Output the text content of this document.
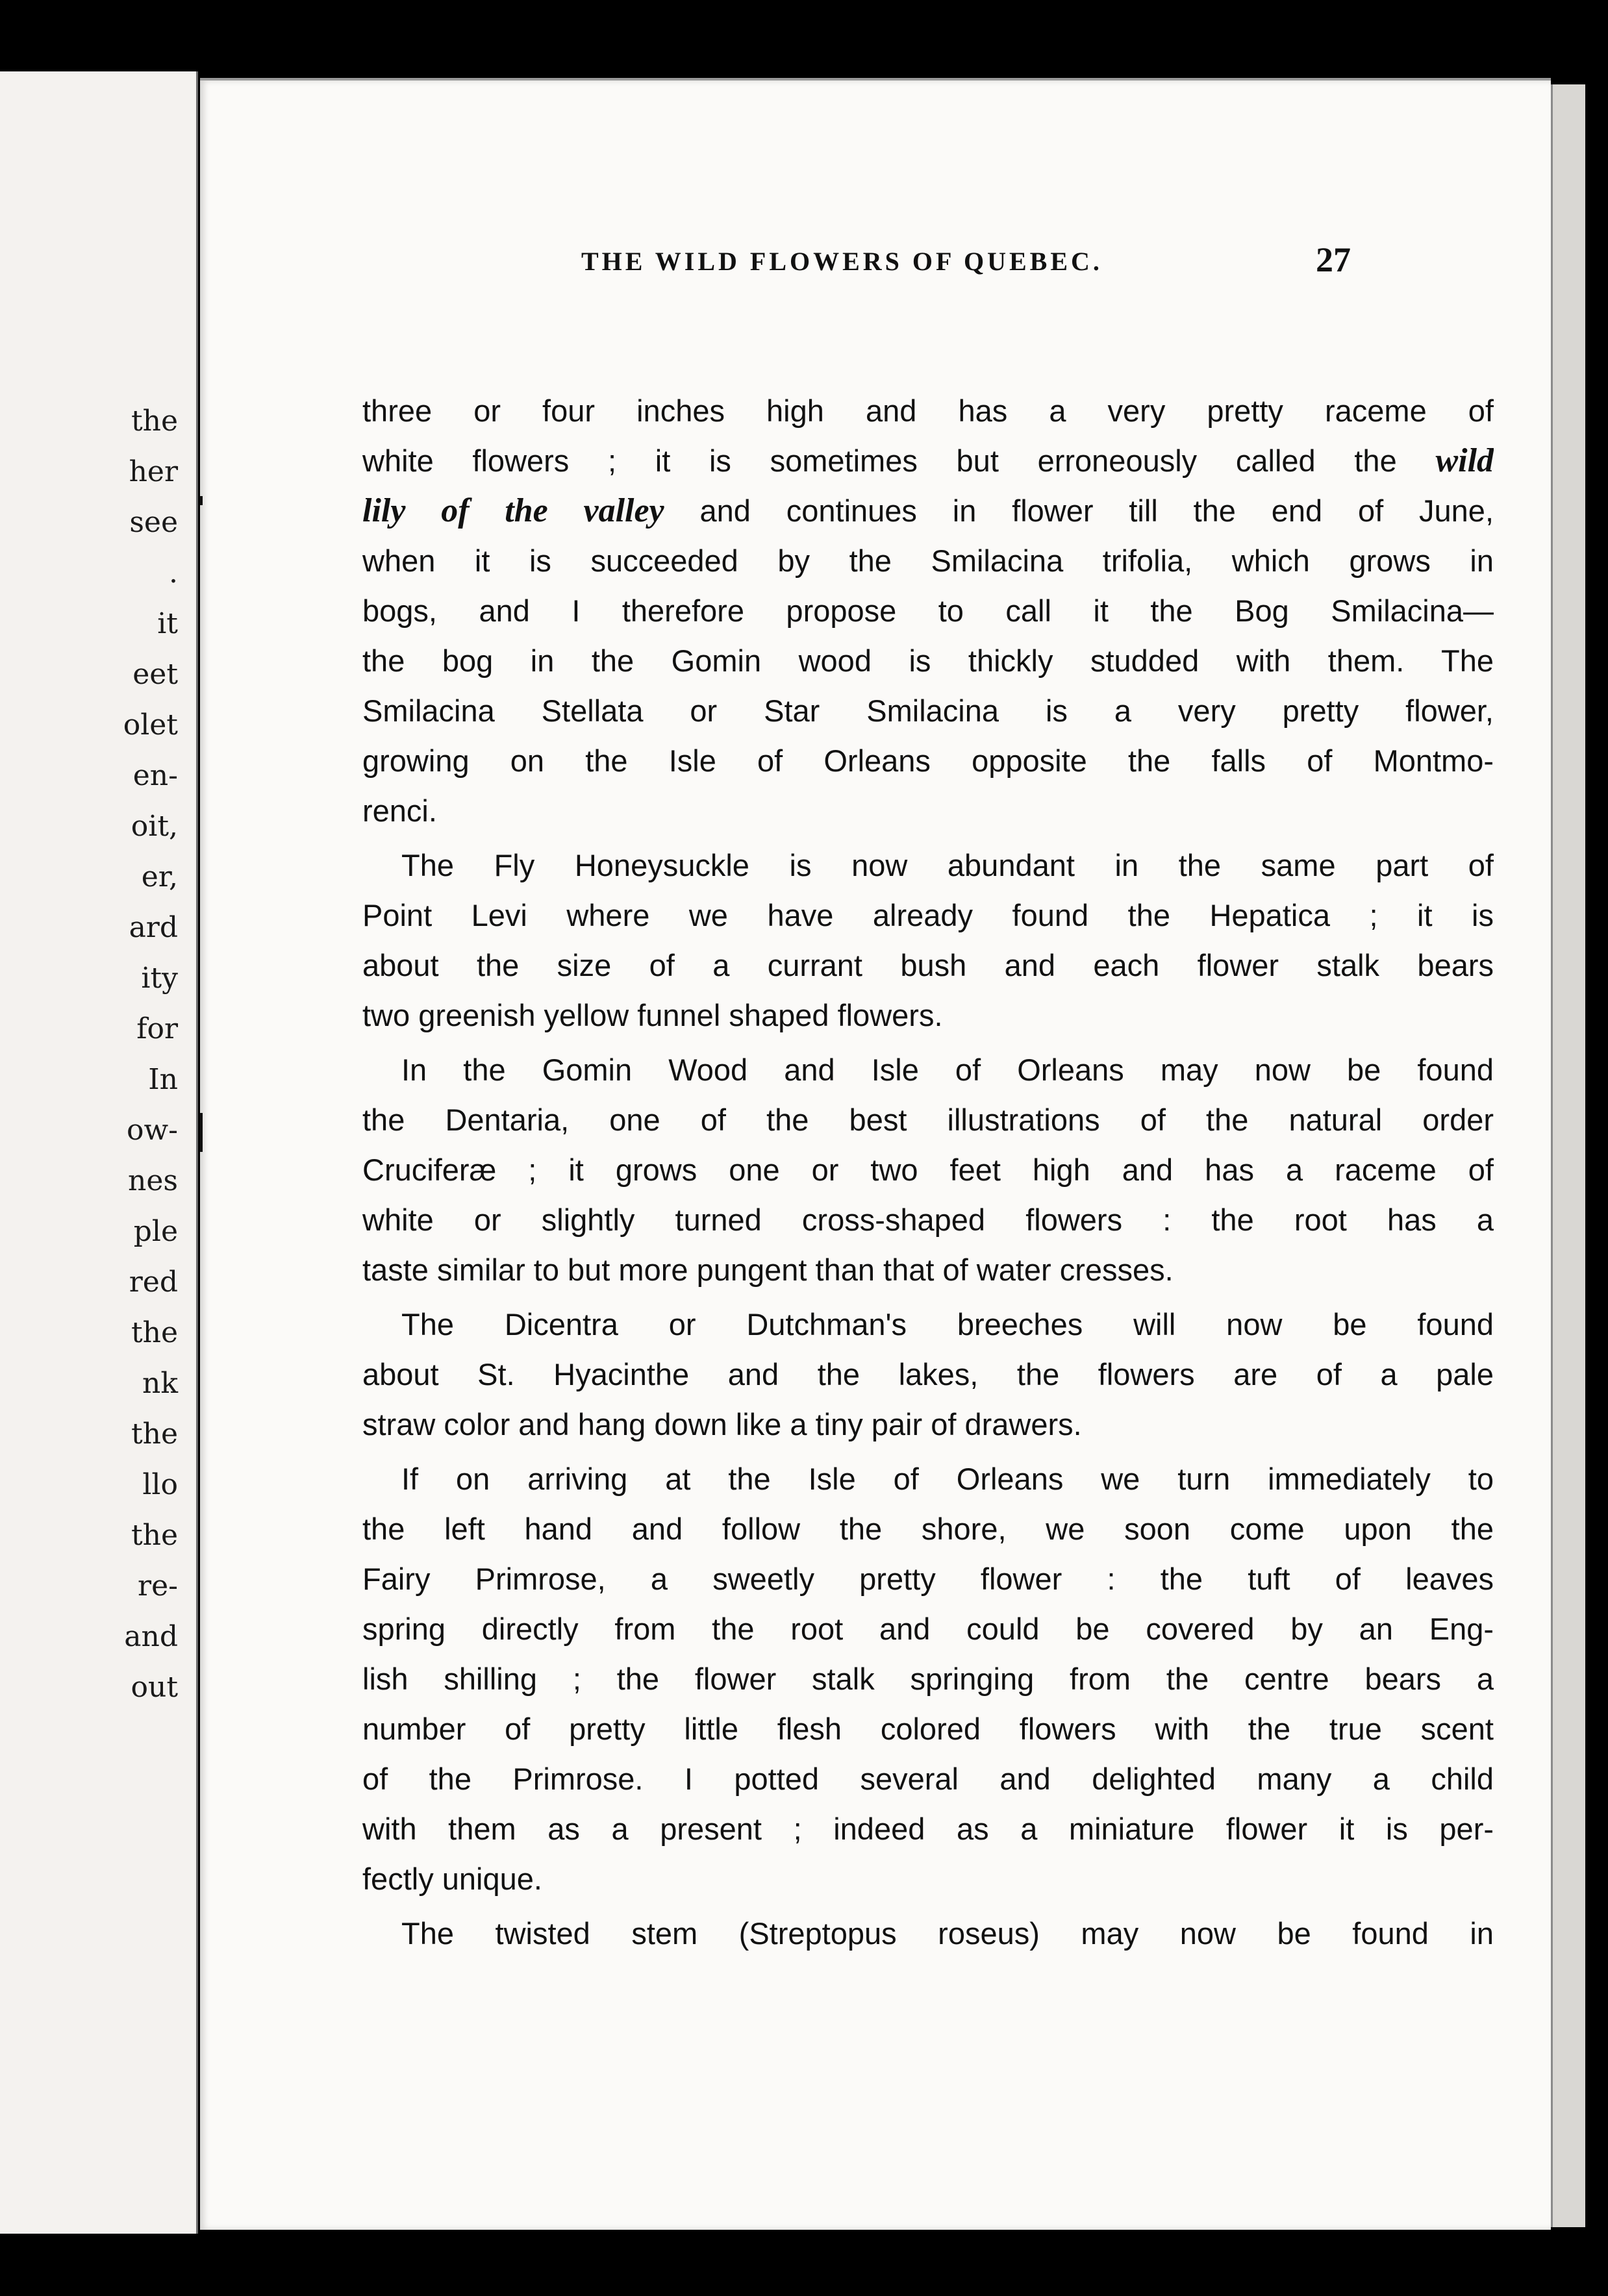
the
her
see
.
it
eet
olet
en-
oit,
er,
ard
ity
for
In
ow-
nes
ple
red
the
nk
the
llo
the
re-
and
out
THE WILD FLOWERS OF QUEBEC.	27
three or four inches high and has a very pretty raceme of
white flowers ; it is sometimes but erroneously called the wild
lily of the valley and continues in flower till the end of June,
when it is succeeded by the Smilacina trifolia, which grows in
bogs, and I therefore propose to call it the Bog Smilacina—
the bog in the Gomin wood is thickly studded with them. The
Smilacina Stellata or Star Smilacina is a very pretty flower,
growing on the Isle of Orleans opposite the falls of Montmo-
renci.
The Fly Honeysuckle is now abundant in the same part of
Point Levi where we have already found the Hepatica ; it is
about the size of a currant bush and each flower stalk bears
two greenish yellow funnel shaped flowers.
In the Gomin Wood and Isle of Orleans may now be found
the Dentaria, one of the best illustrations of the natural order
Cruciferæ ; it grows one or two feet high and has a raceme of
white or slightly turned cross-shaped flowers : the root has a
taste similar to but more pungent than that of water cresses.
The Dicentra or Dutchman's breeches will now be found
about St. Hyacinthe and the lakes, the flowers are of a pale
straw color and hang down like a tiny pair of drawers.
If on arriving at the Isle of Orleans we turn immediately to
the left hand and follow the shore, we soon come upon the
Fairy Primrose, a sweetly pretty flower : the tuft of leaves
spring directly from the root and could be covered by an Eng-
lish shilling ; the flower stalk springing from the centre bears a
number of pretty little flesh colored flowers with the true scent
of the Primrose. I potted several and delighted many a child
with them as a present ; indeed as a miniature flower it is per-
fectly unique.
The twisted stem (Streptopus roseus) may now be found in
